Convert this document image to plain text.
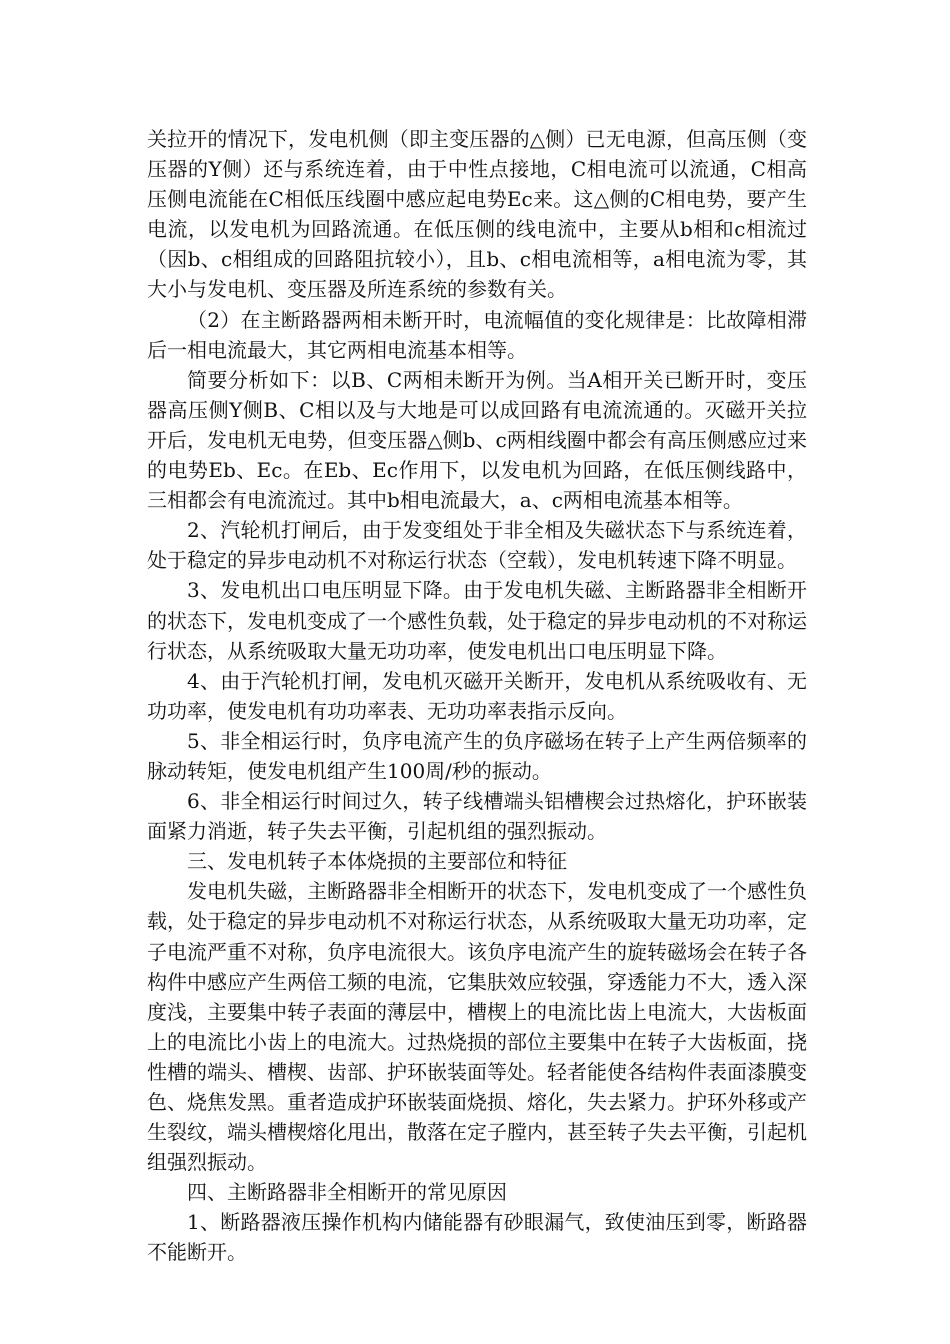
关拉开的情况下，发电机侧（即主变压器的△侧）已无电源，但高压侧（变压器的Y侧）还与系统连着，由于中性点接地，C相电流可以流通，C相高压侧电流能在C相低压线圈中感应起电势Ec来。这△侧的C相电势，要产生电流，以发电机为回路流通。在低压侧的线电流中，主要从b相和c相流过（因b、c相组成的回路阻抗较小），且b、c相电流相等，a相电流为零，其大小与发电机、变压器及所连系统的参数有关。

（2）在主断路器两相未断开时，电流幅值的变化规律是：比故障相滞后一相电流最大，其它两相电流基本相等。

简要分析如下：以B、C两相未断开为例。当A相开关已断开时，变压器高压侧Y侧B、C相以及与大地是可以成回路有电流流通的。灭磁开关拉开后，发电机无电势，但变压器△侧b、c两相线圈中都会有高压侧感应过来的电势Eb、Ec。在Eb、Ec作用下，以发电机为回路，在低压侧线路中，三相都会有电流流过。其中b相电流最大，a、c两相电流基本相等。

2、汽轮机打闸后，由于发变组处于非全相及失磁状态下与系统连着，处于稳定的异步电动机不对称运行状态（空载），发电机转速下降不明显。

3、发电机出口电压明显下降。由于发电机失磁、主断路器非全相断开的状态下，发电机变成了一个感性负载，处于稳定的异步电动机的不对称运行状态，从系统吸取大量无功功率，使发电机出口电压明显下降。

4、由于汽轮机打闸，发电机灭磁开关断开，发电机从系统吸收有、无功功率，使发电机有功功率表、无功功率表指示反向。

5、非全相运行时，负序电流产生的负序磁场在转子上产生两倍频率的脉动转矩，使发电机组产生100周/秒的振动。

6、非全相运行时间过久，转子线槽端头铝槽楔会过热熔化，护环嵌装面紧力消逝，转子失去平衡，引起机组的强烈振动。

三、发电机转子本体烧损的主要部位和特征

发电机失磁，主断路器非全相断开的状态下，发电机变成了一个感性负载，处于稳定的异步电动机不对称运行状态，从系统吸取大量无功功率，定子电流严重不对称，负序电流很大。该负序电流产生的旋转磁场会在转子各构件中感应产生两倍工频的电流，它集肤效应较强，穿透能力不大，透入深度浅，主要集中转子表面的薄层中，槽楔上的电流比齿上电流大，大齿板面上的电流比小齿上的电流大。过热烧损的部位主要集中在转子大齿板面，挠性槽的端头、槽楔、齿部、护环嵌装面等处。轻者能使各结构件表面漆膜变色、烧焦发黑。重者造成护环嵌装面烧损、熔化，失去紧力。护环外移或产生裂纹，端头槽楔熔化甩出，散落在定子膛内，甚至转子失去平衡，引起机组强烈振动。

四、主断路器非全相断开的常见原因

1、断路器液压操作机构内储能器有砂眼漏气，致使油压到零，断路器不能断开。
